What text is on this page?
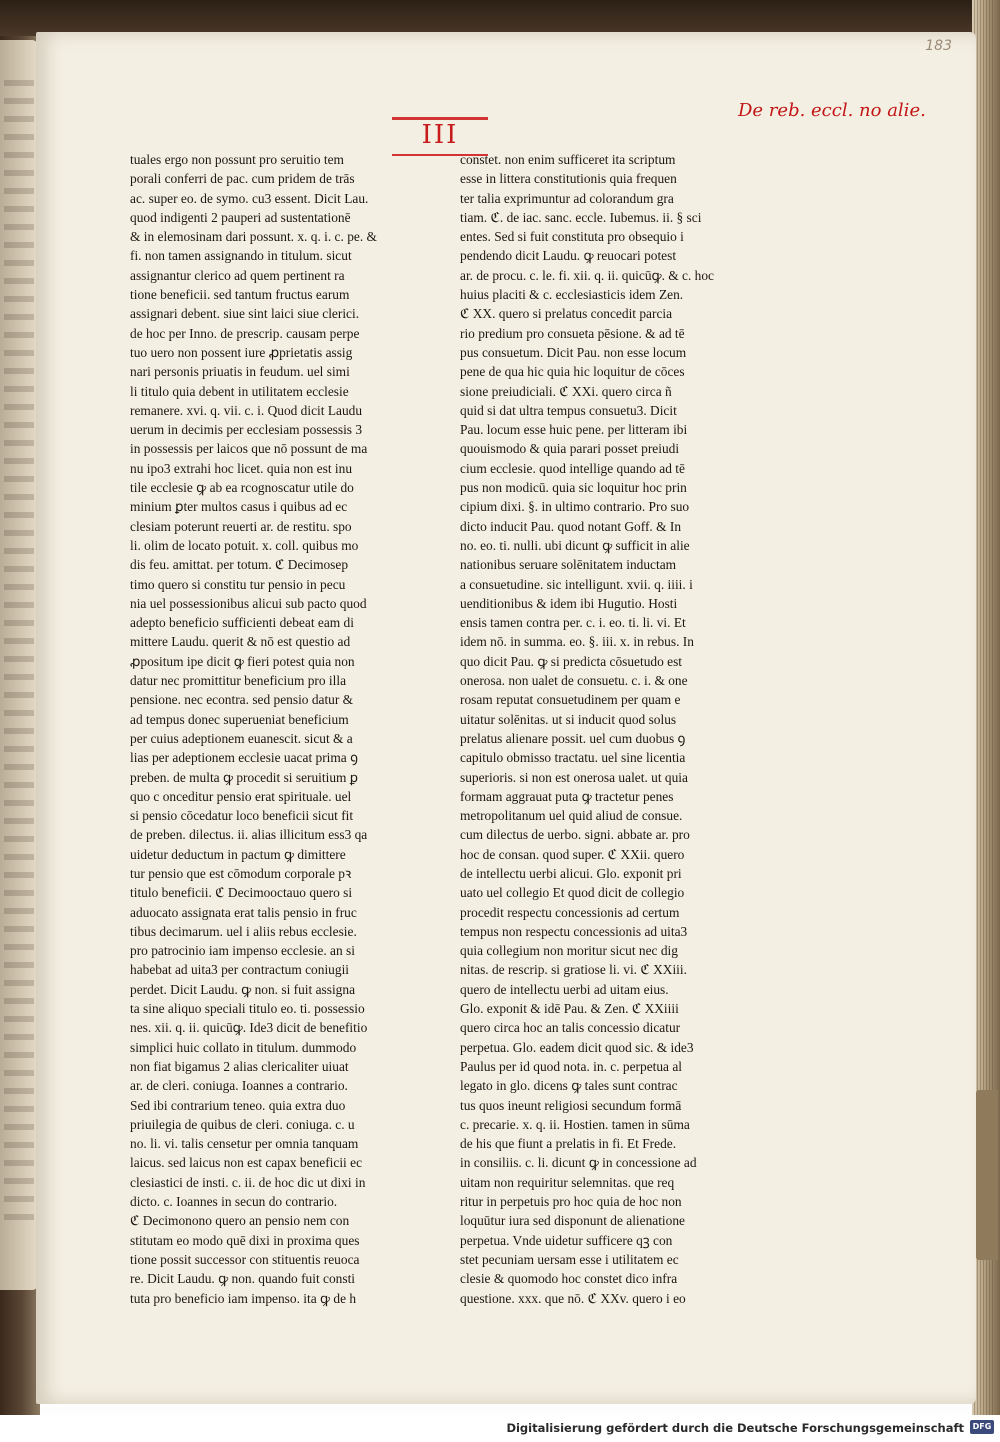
183
III
De reb. eccl. no alie.
tuales ergo non possunt pro seruitio tem
porali conferri de pac. cum pridem de trās
ac. super eo. de symo. cu3 essent. Dicit Lau.
quod indigenti 2 pauperi ad sustentationē
& in elemosinam dari possunt. x. q. i. c. pe. &
fi. non tamen assignando in titulum. sicut
assignantur clerico ad quem pertinent ra
tione beneficii. sed tantum fructus earum
assignari debent. siue sint laici siue clerici.
de hoc per Inno. de prescrip. causam perpe
tuo uero non possent iure ꝓprietatis assig
nari personis priuatis in feudum. uel simi
li titulo quia debent in utilitatem ecclesie
remanere. xvi. q. vii. c. i. Quod dicit Laudu
uerum in decimis per ecclesiam possessis 3
in possessis per laicos que nō possunt de ma
nu ipo3 extrahi hoc licet. quia non est inu
tile ecclesie ꝙ ab ea rcognoscatur utile do
minium ꝑter multos casus i quibus ad ec
clesiam poterunt reuerti ar. de restitu. spo
li. olim de locato potuit. x. coll. quibus mo
dis feu. amittat. per totum. ℭ Decimosep
timo quero si constitu tur pensio in pecu
nia uel possessionibus alicui sub pacto quod
adepto beneficio sufficienti debeat eam di
mittere Laudu. querit & nō est questio ad
ꝓpositum ipe dicit ꝙ fieri potest quia non
datur nec promittitur beneficium pro illa
pensione. nec econtra. sed pensio datur &
ad tempus donec superueniat beneficium
per cuius adeptionem euanescit. sicut & a
lias per adeptionem ecclesie uacat prima ꝯ
preben. de multa ꝙ procedit si seruitium ꝑ
quo c onceditur pensio erat spirituale. uel
si pensio cōcedatur loco beneficii sicut fit
de preben. dilectus. ii. alias illicitum ess3 qa
uidetur deductum in pactum ꝙ dimittere
tur pensio que est cōmodum corporale pꝛ
titulo beneficii. ℭ Decimooctauo quero si
aduocato assignata erat talis pensio in fruc
tibus decimarum. uel i aliis rebus ecclesie.
pro patrocinio iam impenso ecclesie. an si
habebat ad uita3 per contractum coniugii
perdet. Dicit Laudu. ꝙ non. si fuit assigna
ta sine aliquo speciali titulo eo. ti. possessio
nes. xii. q. ii. quicūꝙ. Ide3 dicit de benefitio
simplici huic collato in titulum. dummodo
non fiat bigamus 2 alias clericaliter uiuat
ar. de cleri. coniuga. Ioannes a contrario.
Sed ibi contrarium teneo. quia extra duo
priuilegia de quibus de cleri. coniuga. c. u
no. li. vi. talis censetur per omnia tanquam
laicus. sed laicus non est capax beneficii ec
clesiastici de insti. c. ii. de hoc dic ut dixi in
dicto. c. Ioannes in secun do contrario.
ℭ Decimonono quero an pensio nem con
stitutam eo modo quē dixi in proxima ques
tione possit successor con stituentis reuoca
re. Dicit Laudu. ꝙ non. quando fuit consti
tuta pro beneficio iam impenso. ita ꝙ de h
constet. non enim sufficeret ita scriptum
esse in littera constitutionis quia frequen
ter talia exprimuntur ad colorandum gra
tiam. ℭ. de iac. sanc. eccle. Iubemus. ii. § sci
entes. Sed si fuit constituta pro obsequio i
pendendo dicit Laudu. ꝙ reuocari potest
ar. de procu. c. le. fi. xii. q. ii. quicūꝙ. & c. hoc
huius placiti & c. ecclesiasticis idem Zen.
ℭ XX. quero si prelatus concedit parcia
rio predium pro consueta pēsione. & ad tē
pus consuetum. Dicit Pau. non esse locum
pene de qua hic quia hic loquitur de cōces
sione preiudiciali. ℭ XXi. quero circa ñ
quid si dat ultra tempus consuetu3. Dicit
Pau. locum esse huic pene. per litteram ibi
quouismodo & quia parari posset preiudi
cium ecclesie. quod intellige quando ad tē
pus non modicū. quia sic loquitur hoc prin
cipium dixi. §. in ultimo contrario. Pro suo
dicto inducit Pau. quod notant Goff. & In
no. eo. ti. nulli. ubi dicunt ꝙ sufficit in alie
nationibus seruare solēnitatem inductam
a consuetudine. sic intelligunt. xvii. q. iiii. i
uenditionibus & idem ibi Hugutio. Hosti
ensis tamen contra per. c. i. eo. ti. li. vi. Et
idem nō. in summa. eo. §. iii. x. in rebus. In
quo dicit Pau. ꝙ si predicta cōsuetudo est
onerosa. non ualet de consuetu. c. i. & one
rosam reputat consuetudinem per quam e
uitatur solēnitas. ut si inducit quod solus
prelatus alienare possit. uel cum duobus ꝯ
capitulo obmisso tractatu. uel sine licentia
superioris. si non est onerosa ualet. ut quia
formam aggrauat puta ꝙ tractetur penes
metropolitanum uel quid aliud de consue.
cum dilectus de uerbo. signi. abbate ar. pro
hoc de consan. quod super. ℭ XXii. quero
de intellectu uerbi alicui. Glo. exponit pri
uato uel collegio Et quod dicit de collegio
procedit respectu concessionis ad certum
tempus non respectu concessionis ad uita3
quia collegium non moritur sicut nec dig
nitas. de rescrip. si gratiose li. vi. ℭ XXiii.
quero de intellectu uerbi ad uitam eius.
Glo. exponit & idē Pau. & Zen. ℭ XXiiii
quero circa hoc an talis concessio dicatur
perpetua. Glo. eadem dicit quod sic. & ide3
Paulus per id quod nota. in. c. perpetua al
legato in glo. dicens ꝙ tales sunt contrac
tus quos ineunt religiosi secundum formā
c. precarie. x. q. ii. Hostien. tamen in sūma
de his que fiunt a prelatis in fi. Et Frede.
in consiliis. c. li. dicunt ꝙ in concessione ad
uitam non requiritur selemnitas. que req
ritur in perpetuis pro hoc quia de hoc non
loquūtur iura sed disponunt de alienatione
perpetua. Vnde uidetur sufficere qꝫ con
stet pecuniam uersam esse i utilitatem ec
clesie & quomodo hoc constet dico infra
questione. xxx. que nō. ℭ XXv. quero i eo
Digitalisierung gefördert durch die Deutsche Forschungsgemeinschaft	DFG
